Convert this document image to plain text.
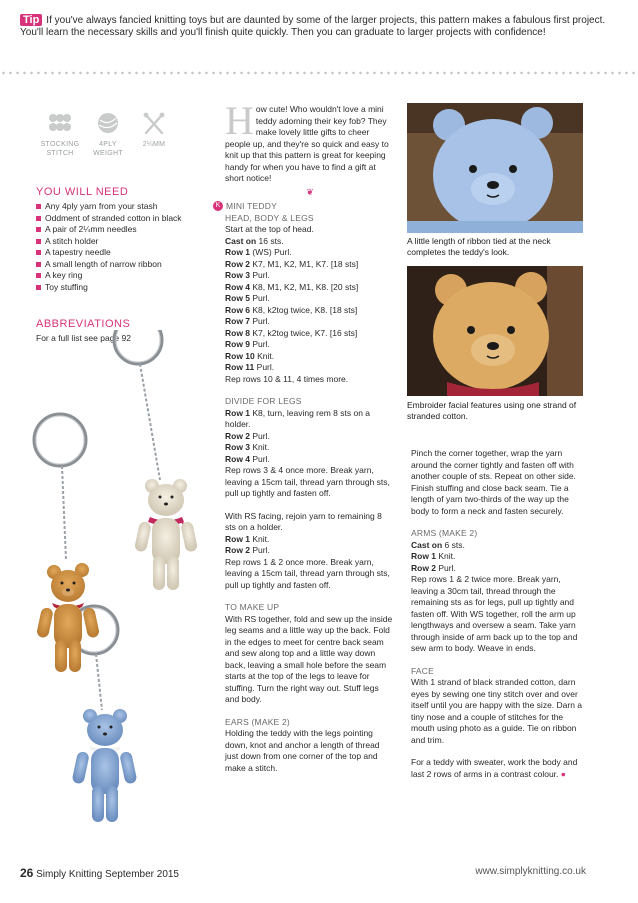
Tip If you've always fancied knitting toys but are daunted by some of the larger projects, this pattern makes a fabulous first project. You'll learn the necessary skills and you'll finish quite quickly. Then you can graduate to larger projects with confidence!
STOCKING
STITCH
4PLY
WEIGHT
2¼MM
YOU WILL NEED
Any 4ply yarn from your stash
Oddment of stranded cotton in black
A pair of 2¼mm needles
A stitch holder
A tapestry needle
A small length of narrow ribbon
A key ring
Toy stuffing
ABBREVIATIONS

For a full list see page 92

How cute! Who wouldn't love a mini teddy adorning their key fob? They make lovely little gifts to cheer people up, and they're so quick and easy to knit up that this pattern is great for keeping handy for when you have to find a gift at short notice!
❦
K MINI TEDDY
HEAD, BODY & LEGS

Start at the top of head.

Cast on 16 sts.

Row 1 (WS) Purl.

Row 2 K7, M1, K2, M1, K7. [18 sts]

Row 3 Purl.

Row 4 K8, M1, K2, M1, K8. [20 sts]

Row 5 Purl.

Row 6 K8, k2tog twice, K8. [18 sts]

Row 7 Purl.

Row 8 K7, k2tog twice, K7. [16 sts]

Row 9 Purl.

Row 10 Knit.

Row 11 Purl.

Rep rows 10 & 11, 4 times more.

DIVIDE FOR LEGS

Row 1 K8, turn, leaving rem 8 sts on a holder.

Row 2 Purl.

Row 3 Knit.

Row 4 Purl.

Rep rows 3 & 4 once more. Break yarn, leaving a 15cm tail, thread yarn through sts, pull up tightly and fasten off.

With RS facing, rejoin yarn to remaining 8 sts on a holder.

Row 1 Knit.

Row 2 Purl.

Rep rows 1 & 2 once more. Break yarn, leaving a 15cm tail, thread yarn through sts, pull up tightly and fasten off.

TO MAKE UP

With RS together, fold and sew up the inside leg seams and a little way up the back. Fold in the edges to meet for centre back seam and sew along top and a little way down back, leaving a small hole before the seam starts at the top of the legs to leave for stuffing. Turn the right way out. Stuff legs and body.

EARS (MAKE 2)

Holding the teddy with the legs pointing down, knot and anchor a length of thread just down from one corner of the top and make a stitch.

A little length of ribbon tied at the neck completes the teddy's look.
Embroider facial features using one strand of stranded cotton.

Pinch the corner together, wrap the yarn around the corner tightly and fasten off with another couple of sts. Repeat on other side. Finish stuffing and close back seam. Tie a length of yarn two-thirds of the way up the body to form a neck and fasten securely.

ARMS (MAKE 2)

Cast on 6 sts.

Row 1 Knit.

Row 2 Purl.

Rep rows 1 & 2 twice more. Break yarn, leaving a 30cm tail, thread through the remaining sts as for legs, pull up tightly and fasten off. With WS together, roll the arm up lengthways and oversew a seam. Take yarn through inside of arm back up to the top and sew arm to body. Weave in ends.

FACE

With 1 strand of black stranded cotton, darn eyes by sewing one tiny stitch over and over itself until you are happy with the size. Darn a tiny nose and a couple of stitches for the mouth using photo as a guide. Tie on ribbon and trim.

For a teddy with sweater, work the body and last 2 rows of arms in a contrast colour. ●

26 Simply Knitting September 2015	www.simplyknitting.co.uk
